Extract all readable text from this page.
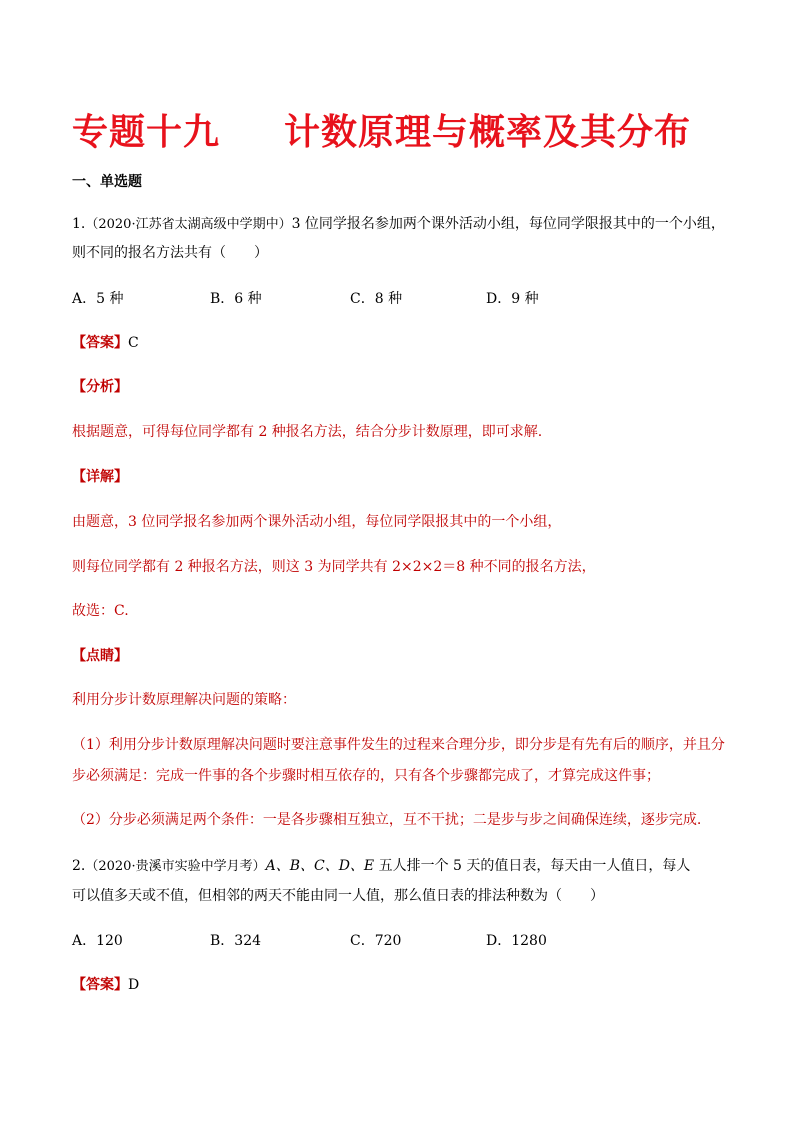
专题十九 计数原理与概率及其分布
一、单选题
1.（2020·江苏省太湖高级中学期中）3 位同学报名参加两个课外活动小组，每位同学限报其中的一个小组，
则不同的报名方法共有（　　）
A．5 种	B．6 种	C．8 种	D．9 种
【答案】C
【分析】
根据题意，可得每位同学都有 2 种报名方法，结合分步计数原理，即可求解.
【详解】
由题意，3 位同学报名参加两个课外活动小组，每位同学限报其中的一个小组，
则每位同学都有 2 种报名方法，则这 3 为同学共有 2×2×2＝8 种不同的报名方法，
故选：C.
【点睛】
利用分步计数原理解决问题的策略：
（1）利用分步计数原理解决问题时要注意事件发生的过程来合理分步，即分步是有先有后的顺序，并且分
步必须满足：完成一件事的各个步骤时相互依存的，只有各个步骤都完成了，才算完成这件事；
（2）分步必须满足两个条件：一是各步骤相互独立，互不干扰；二是步与步之间确保连续，逐步完成.
2.（2020·贵溪市实验中学月考）A、B、C、D、E 五人排一个 5 天的值日表，每天由一人值日，每人
可以值多天或不值，但相邻的两天不能由同一人值，那么值日表的排法种数为（　　）
A．120	B．324	C．720	D．1280
【答案】D
